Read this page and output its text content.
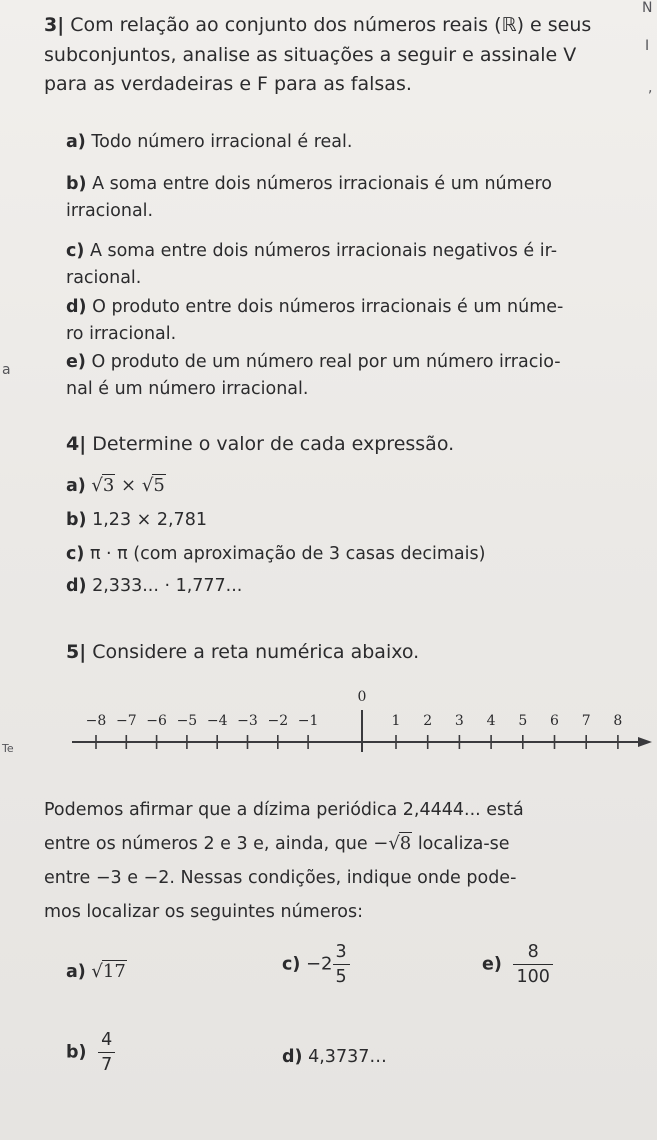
N
I
,
a
Te
3| Com relação ao conjunto dos números reais (ℝ) e seus
subconjuntos, analise as situações a seguir e assinale V
para as verdadeiras e F para as falsas.
a) Todo número irracional é real.
b) A soma entre dois números irracionais é um número
irracional.
c) A soma entre dois números irracionais negativos é ir-
racional.
d) O produto entre dois números irracionais é um núme-
ro irracional.
e) O produto de um número real por um número irracio-
nal é um número irracional.
4| Determine o valor de cada expressão.
a) √3 × √5
b) 1,23 × 2,781
c) π · π (com aproximação de 3 casas decimais)
d) 2,333... · 1,777...
5| Considere a reta numérica abaixo.
0
−8 −7 −6 −5 −4 −3 −2 −1	1 2 3 4 5 6 7 8
Podemos afirmar que a dízima periódica 2,4444... está
entre os números 2 e 3 e, ainda, que −√8 localiza-se
entre −3 e −2. Nessas condições, indique onde pode-
mos localizar os seguintes números:
a) √17	$c) -2 \frac{3}{5}$	$e) \frac{8}{100}$
$b) \frac{4}{7}$	d) 4,3737…
